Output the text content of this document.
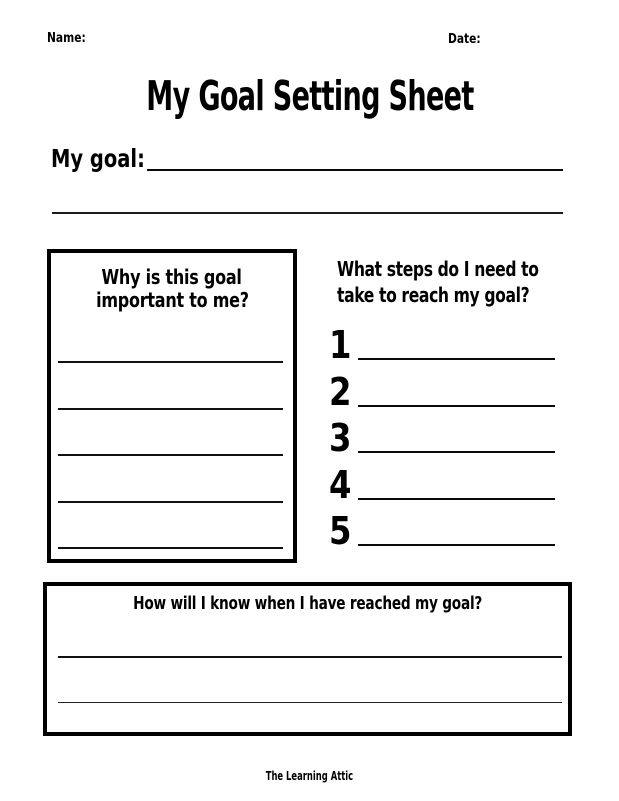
Name:	Date:
My Goal Setting Sheet
My goal:
Why is this goal
important to me?
What steps do I need to
take to reach my goal?
1
2
3
4
5
How will I know when I have reached my goal?
The Learning Attic
